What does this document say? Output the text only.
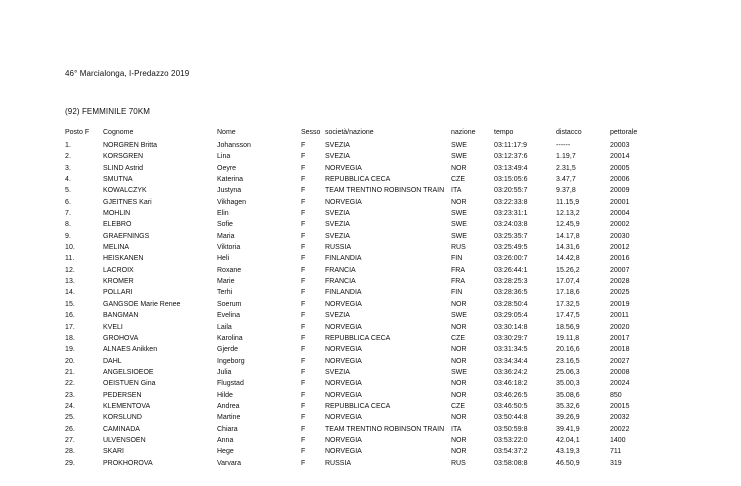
46° Marcialonga, I-Predazzo 2019
(92) FEMMINILE 70KM
Posto F	Cognome	Nome	Sesso	società/nazione	nazione	tempo	distacco	pettorale
1.	NORGREN Britta	Johansson	F	SVEZIA	SWE	03:11:17:9	------	20003
2.	KORSGREN	Lina	F	SVEZIA	SWE	03:12:37:6	1.19,7	20014
3.	SLIND Astrid	Oeyre	F	NORVEGIA	NOR	03:13:49:4	2.31,5	20005
4.	SMUTNA	Katerina	F	REPUBBLICA CECA	CZE	03:15:05:6	3.47,7	20006
5.	KOWALCZYK	Justyna	F	TEAM TRENTINO ROBINSON TRAIN	ITA	03:20:55:7	9.37,8	20009
6.	GJEITNES Kari	Vikhagen	F	NORVEGIA	NOR	03:22:33:8	11.15,9	20001
7.	MOHLIN	Elin	F	SVEZIA	SWE	03:23:31:1	12.13,2	20004
8.	ELEBRO	Sofie	F	SVEZIA	SWE	03:24:03:8	12.45,9	20002
9.	GRAEFNINGS	Maria	F	SVEZIA	SWE	03:25:35:7	14.17,8	20030
10.	MELINA	Viktoria	F	RUSSIA	RUS	03:25:49:5	14.31,6	20012
11.	HEISKANEN	Heli	F	FINLANDIA	FIN	03:26:00:7	14.42,8	20016
12.	LACROIX	Roxane	F	FRANCIA	FRA	03:26:44:1	15.26,2	20007
13.	KROMER	Marie	F	FRANCIA	FRA	03:28:25:3	17.07,4	20028
14.	POLLARI	Terhi	F	FINLANDIA	FIN	03:28:36:5	17.18,6	20025
15.	GANGSOE Marie Renee	Soerum	F	NORVEGIA	NOR	03:28:50:4	17.32,5	20019
16.	BANGMAN	Evelina	F	SVEZIA	SWE	03:29:05:4	17.47,5	20011
17.	KVELI	Laila	F	NORVEGIA	NOR	03:30:14:8	18.56,9	20020
18.	GROHOVA	Karolina	F	REPUBBLICA CECA	CZE	03:30:29:7	19.11,8	20017
19.	ALNAES Anikken	Gjerde	F	NORVEGIA	NOR	03:31:34:5	20.16,6	20018
20.	DAHL	Ingeborg	F	NORVEGIA	NOR	03:34:34:4	23.16,5	20027
21.	ANGELSIOEOE	Julia	F	SVEZIA	SWE	03:36:24:2	25.06,3	20008
22.	OEISTUEN Gina	Flugstad	F	NORVEGIA	NOR	03:46:18:2	35.00,3	20024
23.	PEDERSEN	Hilde	F	NORVEGIA	NOR	03:46:26:5	35.08,6	850
24.	KLEMENTOVA	Andrea	F	REPUBBLICA CECA	CZE	03:46:50:5	35.32,6	20015
25.	KORSLUND	Martine	F	NORVEGIA	NOR	03:50:44:8	39.26,9	20032
26.	CAMINADA	Chiara	F	TEAM TRENTINO ROBINSON TRAIN	ITA	03:50:59:8	39.41,9	20022
27.	ULVENSOEN	Anna	F	NORVEGIA	NOR	03:53:22:0	42.04,1	1400
28.	SKARI	Hege	F	NORVEGIA	NOR	03:54:37:2	43.19,3	711
29.	PROKHOROVA	Varvara	F	RUSSIA	RUS	03:58:08:8	46.50,9	319
